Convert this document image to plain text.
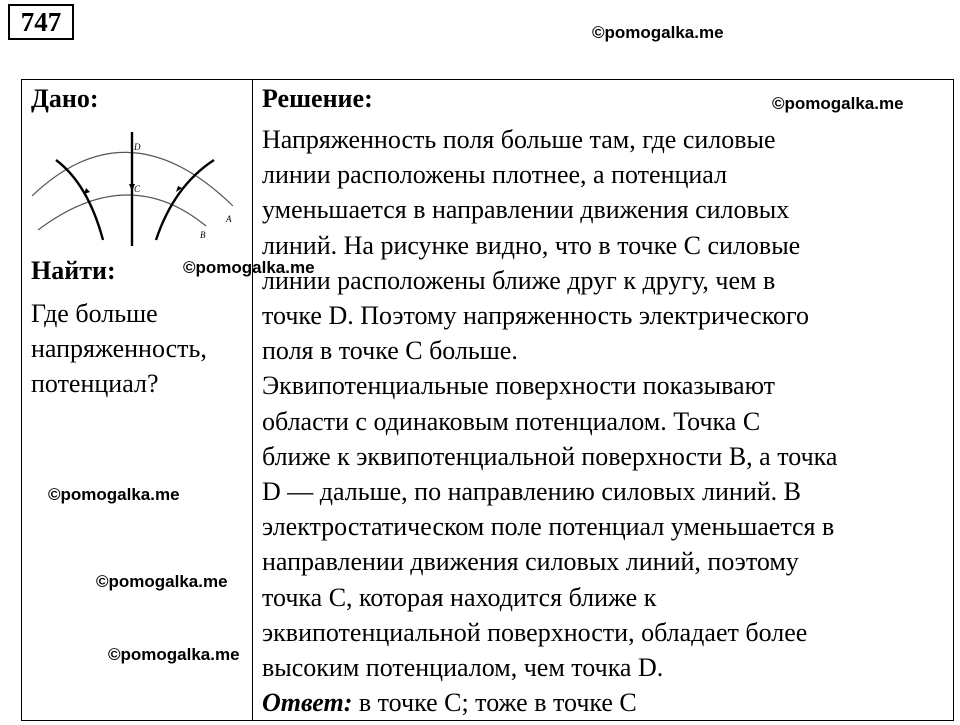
747	©pomogalka.me
Дано:
D
C
A
B
Найти:	©pomogalka.me
Где больше
напряженность,
потенциал?
©pomogalka.me
©pomogalka.me
©pomogalka.me
Решение:	©pomogalka.me
Напряженность поля больше там, где силовые
линии расположены плотнее, а потенциал
уменьшается в направлении движения силовых
линий. На рисунке видно, что в точке C силовые
линии расположены ближе друг к другу, чем в
точке D. Поэтому напряженность электрического
поля в точке C больше.
Эквипотенциальные поверхности показывают
области с одинаковым потенциалом. Точка C
ближе к эквипотенциальной поверхности B, а точка
D — дальше, по направлению силовых линий. В
электростатическом поле потенциал уменьшается в
направлении движения силовых линий, поэтому
точка C, которая находится ближе к
эквипотенциальной поверхности, обладает более
высоким потенциалом, чем точка D.
Ответ: в точке C; тоже в точке C
